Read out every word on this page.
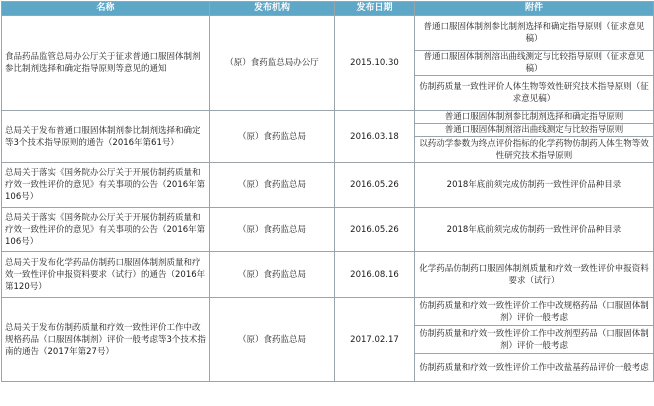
名称	发布机构	发布日期	附件
食品药品监管总局办公厅关于征求普通口服固体制剂参比制剂选择和确定指导原则等意见的通知	（原）食药监总局办公厅	2015.10.30	普通口服固体制剂参比制剂选择和确定指导原则（征求意见稿）
			普通口服固体制剂溶出曲线测定与比较指导原则（征求意见稿）
			仿制药质量一致性评价人体生物等效性研究技术指导原则（征求意见稿）
总局关于发布普通口服固体制剂参比制剂选择和确定等3个技术指导原则的通告（2016年第61号）	（原）食药监总局	2016.03.18	普通口服固体制剂参比制剂选择和确定指导原则
			普通口服固体制剂溶出曲线测定与比较指导原则
			以药动学参数为终点评价指标的化学药物仿制药人体生物等效性研究技术指导原则
总局关于落实《国务院办公厅关于开展仿制药质量和疗效一致性评价的意见》有关事项的公告（2016年第106号）	（原）食药监总局	2016.05.26	2018年底前须完成仿制药一致性评价品种目录
总局关于落实《国务院办公厅关于开展仿制药质量和疗效一致性评价的意见》有关事项的公告（2016年第106号）	（原）食药监总局	2016.05.26	2018年底前须完成仿制药一致性评价品种目录
总局关于发布化学药品仿制药口服固体制剂质量和疗效一致性评价申报资料要求（试行）的通告（2016年第120号）	（原）食药监总局	2016.08.16	化学药品仿制药口服固体制剂质量和疗效一致性评价申报资料要求（试行）
总局关于发布仿制药质量和疗效一致性评价工作中改规格药品（口服固体制剂）评价一般考虑等3个技术指南的通告（2017年第27号）	（原）食药监总局	2017.02.17	仿制药质量和疗效一致性评价工作中改规格药品（口服固体制剂）评价一般考虑
			仿制药质量和疗效一致性评价工作中改剂型药品（口服固体制剂）评价一般考虑
			仿制药质量和疗效一致性评价工作中改盐基药品评价一般考虑
